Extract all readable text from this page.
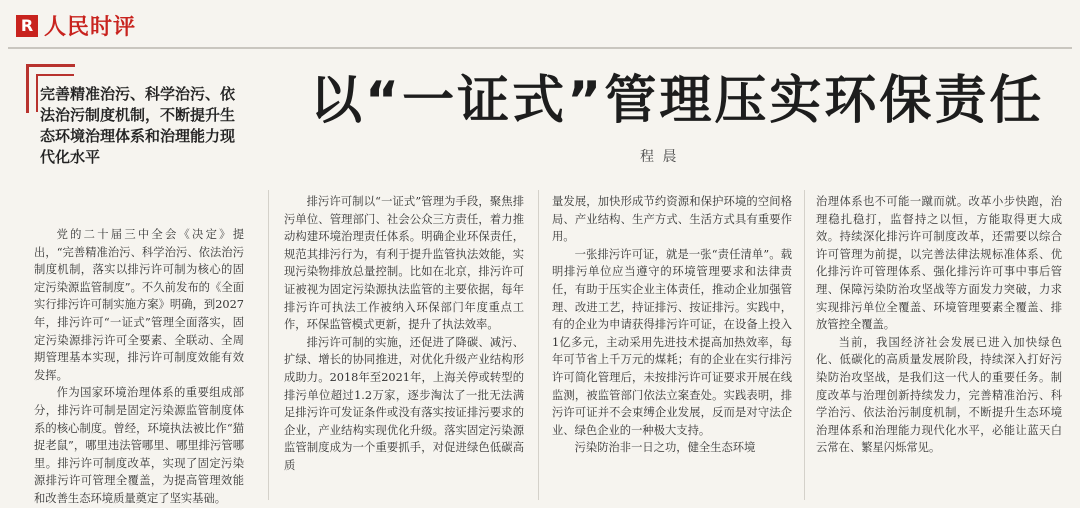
R 人民时评
完善精准治污、科学治污、依法治污制度机制，不断提升生态环境治理体系和治理能力现代化水平
以“一证式”管理压实环保责任
程 晨

党的二十届三中全会《决定》提出，“完善精准治污、科学治污、依法治污制度机制，落实以排污许可制为核心的固定污染源监管制度”。不久前发布的《全面实行排污许可制实施方案》明确，到2027年，排污许可“一证式”管理全面落实，固定污染源排污许可全要素、全联动、全周期管理基本实现，排污许可制度效能有效发挥。

作为国家环境治理体系的重要组成部分，排污许可制是固定污染源监管制度体系的核心制度。曾经，环境执法被比作“猫捉老鼠”，哪里违法管哪里、哪里排污管哪里。排污许可制度改革，实现了固定污染源排污许可管理全覆盖，为提高管理效能和改善生态环境质量奠定了坚实基础。

排污许可制以“一证式”管理为手段，聚焦排污单位、管理部门、社会公众三方责任，着力推动构建环境治理责任体系。明确企业环保责任，规范其排污行为，有利于提升监管执法效能，实现污染物排放总量控制。比如在北京，排污许可证被视为固定污染源执法监管的主要依据，每年排污许可执法工作被纳入环保部门年度重点工作，环保监管模式更新，提升了执法效率。

排污许可制的实施，还促进了降碳、减污、扩绿、增长的协同推进，对优化升级产业结构形成助力。2018年至2021年，上海关停或转型的排污单位超过1.2万家，逐步淘汰了一批无法满足排污许可发证条件或没有落实按证排污要求的企业，产业结构实现优化升级。落实固定污染源监管制度成为一个重要抓手，对促进绿色低碳高质

量发展，加快形成节约资源和保护环境的空间格局、产业结构、生产方式、生活方式具有重要作用。

一张排污许可证，就是一张“责任清单”。载明排污单位应当遵守的环境管理要求和法律责任，有助于压实企业主体责任，推动企业加强管理、改进工艺，持证排污、按证排污。实践中，有的企业为申请获得排污许可证，在设备上投入1亿多元，主动采用先进技术提高加热效率，每年可节省上千万元的煤耗；有的企业在实行排污许可简化管理后，未按排污许可证要求开展在线监测，被监管部门依法立案查处。实践表明，排污许可证并不会束缚企业发展，反而是对守法企业、绿色企业的一种极大支持。

污染防治非一日之功，健全生态环境

治理体系也不可能一蹴而就。改革小步快跑，治理稳扎稳打，监督持之以恒，方能取得更大成效。持续深化排污许可制度改革，还需要以综合许可管理为前提，以完善法律法规标准体系、优化排污许可管理体系、强化排污许可事中事后管理、保障污染防治攻坚战等方面发力突破，力求实现排污单位全覆盖、环境管理要素全覆盖、排放管控全覆盖。

当前，我国经济社会发展已进入加快绿色化、低碳化的高质量发展阶段，持续深入打好污染防治攻坚战，是我们这一代人的重要任务。制度改革与治理创新持续发力，完善精准治污、科学治污、依法治污制度机制，不断提升生态环境治理体系和治理能力现代化水平，必能让蓝天白云常在、繁星闪烁常见。
